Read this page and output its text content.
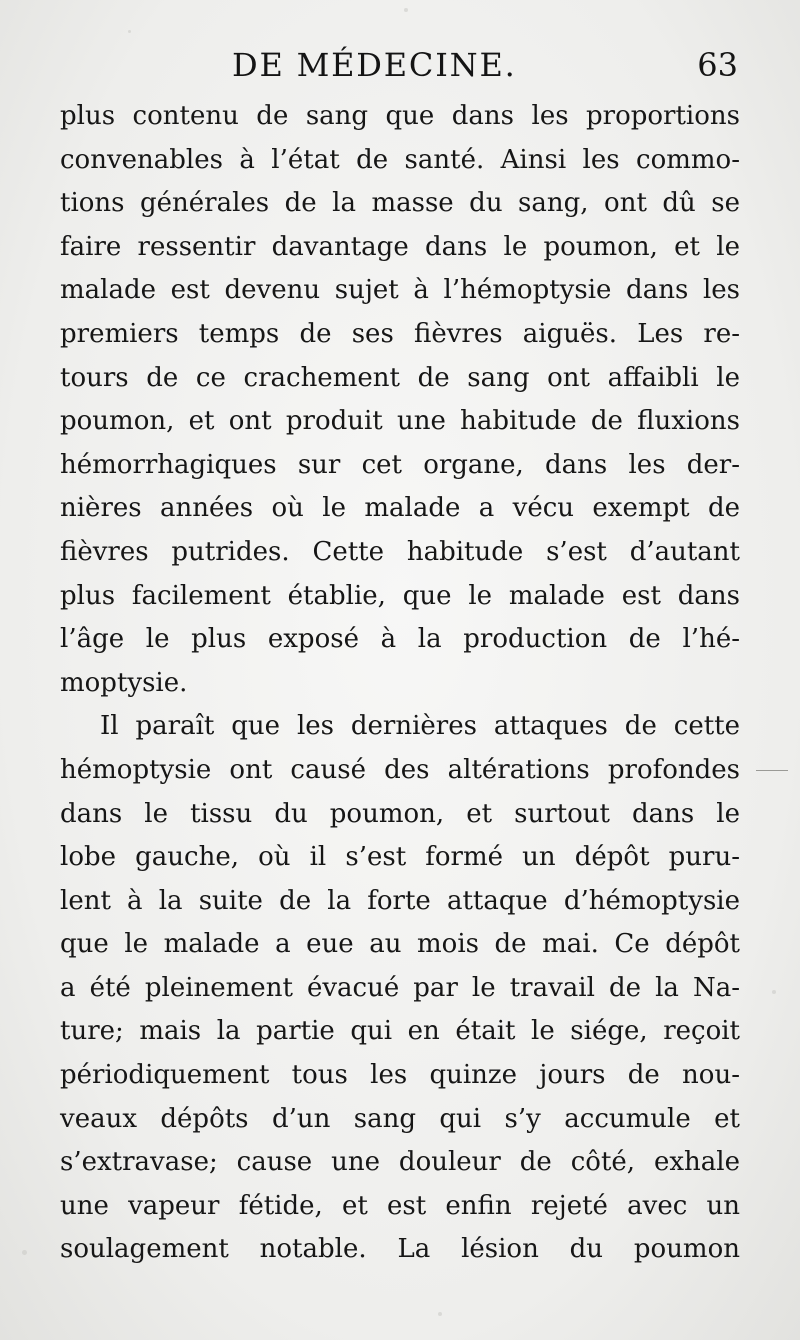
DE MÉDECINE.	63
plus contenu de sang que dans les proportions
convenables à l’état de santé. Ainsi les commo-
tions générales de la masse du sang, ont dû se
faire ressentir davantage dans le poumon, et le
malade est devenu sujet à l’hémoptysie dans les
premiers temps de ses fièvres aiguës. Les re-
tours de ce crachement de sang ont affaibli le
poumon, et ont produit une habitude de fluxions
hémorrhagiques sur cet organe, dans les der-
nières années où le malade a vécu exempt de
fièvres putrides. Cette habitude s’est d’autant
plus facilement établie, que le malade est dans
l’âge le plus exposé à la production de l’hé-
moptysie.
Il paraît que les dernières attaques de cette
hémoptysie ont causé des altérations profondes
dans le tissu du poumon, et surtout dans le
lobe gauche, où il s’est formé un dépôt puru-
lent à la suite de la forte attaque d’hémoptysie
que le malade a eue au mois de mai. Ce dépôt
a été pleinement évacué par le travail de la Na-
ture; mais la partie qui en était le siége, reçoit
périodiquement tous les quinze jours de nou-
veaux dépôts d’un sang qui s’y accumule et
s’extravase; cause une douleur de côté, exhale
une vapeur fétide, et est enfin rejeté avec un
soulagement notable. La lésion du poumon
